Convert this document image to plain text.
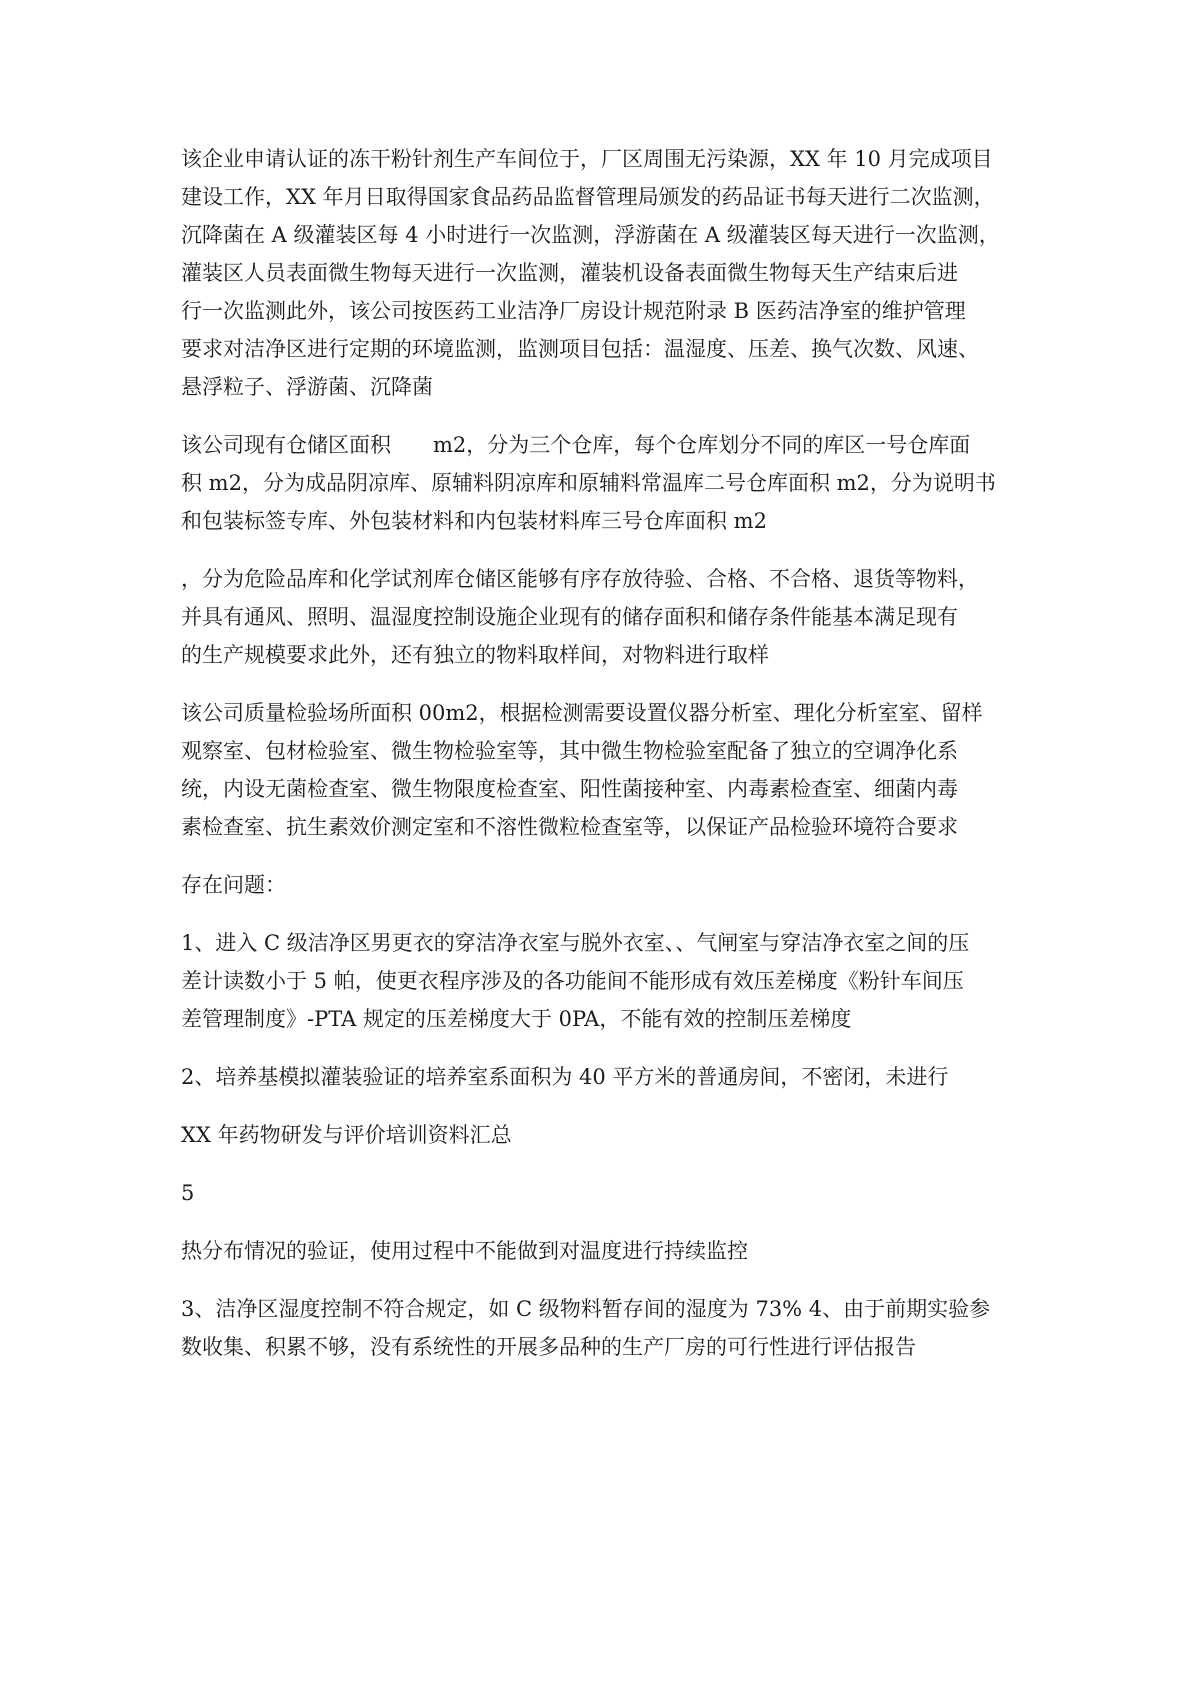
该企业申请认证的冻干粉针剂生产车间位于，厂区周围无污染源，XX 年 10 月完成项目
建设工作，XX 年月日取得国家食品药品监督管理局颁发的药品证书每天进行二次监测，
沉降菌在 A 级灌装区每 4 小时进行一次监测，浮游菌在 A 级灌装区每天进行一次监测，
灌装区人员表面微生物每天进行一次监测，灌装机设备表面微生物每天生产结束后进
行一次监测此外，该公司按医药工业洁净厂房设计规范附录 B 医药洁净室的维护管理
要求对洁净区进行定期的环境监测，监测项目包括：温湿度、压差、换气次数、风速、
悬浮粒子、浮游菌、沉降菌

该公司现有仓储区面积　　m2，分为三个仓库，每个仓库划分不同的库区一号仓库面
积 m2，分为成品阴凉库、原辅料阴凉库和原辅料常温库二号仓库面积 m2，分为说明书
和包装标签专库、外包装材料和内包装材料库三号仓库面积 m2

，分为危险品库和化学试剂库仓储区能够有序存放待验、合格、不合格、退货等物料，
并具有通风、照明、温湿度控制设施企业现有的储存面积和储存条件能基本满足现有
的生产规模要求此外，还有独立的物料取样间，对物料进行取样

该公司质量检验场所面积 00m2，根据检测需要设置仪器分析室、理化分析室室、留样
观察室、包材检验室、微生物检验室等，其中微生物检验室配备了独立的空调净化系
统，内设无菌检查室、微生物限度检查室、阳性菌接种室、内毒素检查室、细菌内毒
素检查室、抗生素效价测定室和不溶性微粒检查室等，以保证产品检验环境符合要求

存在问题：

1、进入 C 级洁净区男更衣的穿洁净衣室与脱外衣室、、气闸室与穿洁净衣室之间的压
差计读数小于 5 帕，使更衣程序涉及的各功能间不能形成有效压差梯度《粉针车间压
差管理制度》-PTA 规定的压差梯度大于 0PA，不能有效的控制压差梯度

2、培养基模拟灌装验证的培养室系面积为 40 平方米的普通房间，不密闭，未进行

XX 年药物研发与评价培训资料汇总

5

热分布情况的验证，使用过程中不能做到对温度进行持续监控

3、洁净区湿度控制不符合规定，如 C 级物料暂存间的湿度为 73% 4、由于前期实验参
数收集、积累不够，没有系统性的开展多品种的生产厂房的可行性进行评估报告
